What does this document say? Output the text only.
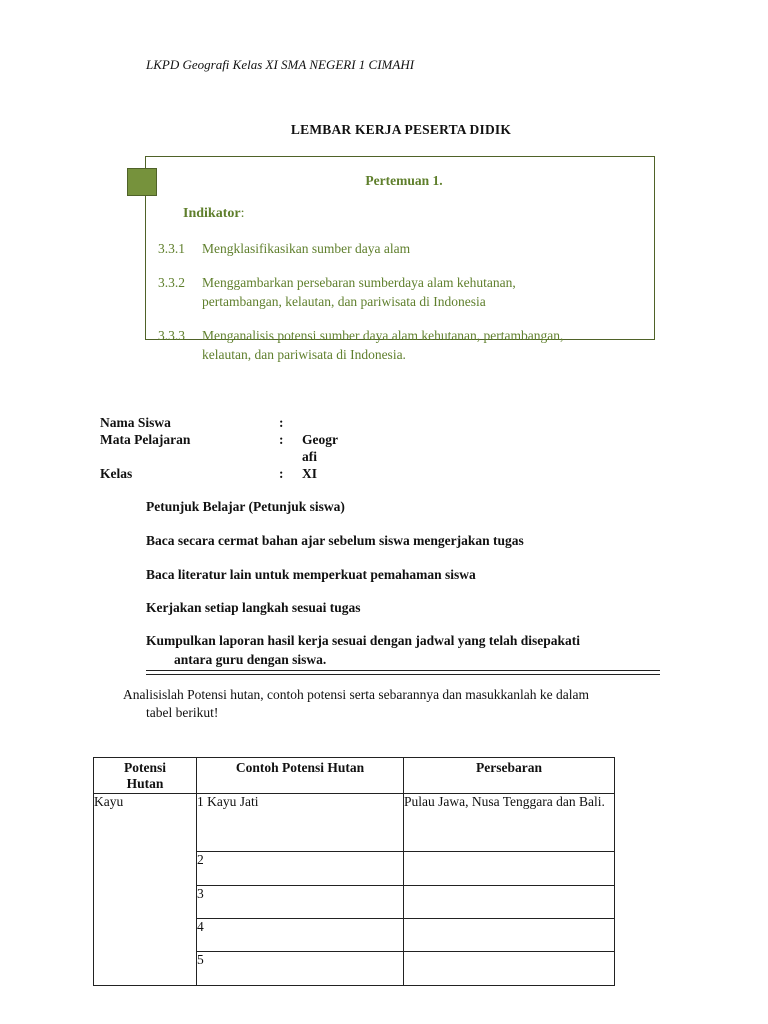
LKPD Geografi Kelas XI SMA NEGERI 1 CIMAHI
LEMBAR KERJA PESERTA DIDIK
Pertemuan 1.
Indikator:
3.3.1 Mengklasifikasikan sumber daya alam
3.3.2 Menggambarkan persebaran sumberdaya alam kehutanan,
pertambangan, kelautan, dan pariwisata di Indonesia
3.3.3 Menganalisis potensi sumber daya alam kehutanan, pertambangan,
kelautan, dan pariwisata di Indonesia.
Nama Siswa	:
Mata Pelajaran	: Geogr
afi
Kelas	: XI
Petunjuk Belajar (Petunjuk siswa)
Baca secara cermat bahan ajar sebelum siswa mengerjakan tugas
Baca literatur lain untuk memperkuat pemahaman siswa
Kerjakan setiap langkah sesuai tugas
Kumpulkan laporan hasil kerja sesuai dengan jadwal yang telah disepakati
antara guru dengan siswa.
Analisislah Potensi hutan, contoh potensi serta sebarannya dan masukkanlah ke dalam
tabel berikut!
Potensi
Hutan	Contoh Potensi Hutan	Persebaran
Kayu	1 Kayu Jati	Pulau Jawa, Nusa Tenggara dan Bali.
	2	
	3	
	4	
	5	
